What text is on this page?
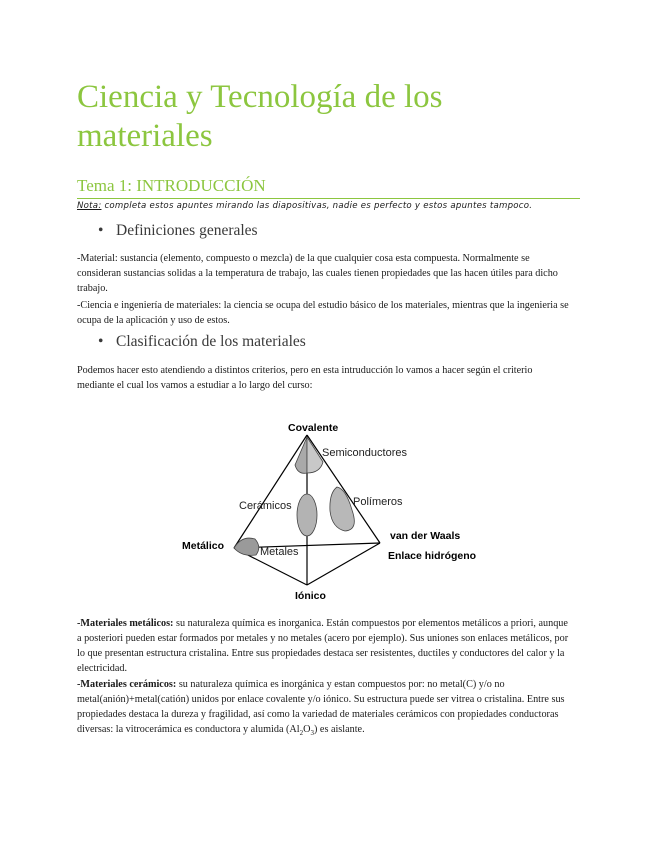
Ciencia y Tecnología de los materiales
Tema 1: INTRODUCCIÓN
Nota: completa estos apuntes mirando las diapositivas, nadie es perfecto y estos apuntes tampoco.
• Definiciones generales

-Material: sustancia (elemento, compuesto o mezcla) de la que cualquier cosa esta compuesta. Normalmente se consideran sustancias solidas a la temperatura de trabajo, las cuales tienen propiedades que las hacen útiles para dicho trabajo.

-Ciencia e ingeniería de materiales: la ciencia se ocupa del estudio básico de los materiales, mientras que la ingenieria se ocupa de la aplicación y uso de estos.

• Clasificación de los materiales

Podemos hacer esto atendiendo a distintos criterios, pero en esta intruducción lo vamos a hacer según el criterio mediante el cual los vamos a estudiar a lo largo del curso:

Covalente
Semiconductores
Cerámicos	Polímeros
Metálico	Metales
van der Waals
Enlace hidrógeno
Iónico

-Materiales metálicos: su naturaleza química es inorganica. Están compuestos por elementos metálicos a priori, aunque a posteriori pueden estar formados por metales y no metales (acero por ejemplo). Sus uniones son enlaces metálicos, por lo que presentan estructura cristalina. Entre sus propiedades destaca ser resistentes, ductiles y conductores del calor y la electricidad.

-Materiales cerámicos: su naturaleza química es inorgánica y estan compuestos por: no metal(C) y/o no metal(anión)+metal(catión) unidos por enlace covalente y/o iónico. Su estructura puede ser vitrea o cristalina. Entre sus propiedades destaca la dureza y fragilidad, así como la variedad de materiales cerámicos con propiedades conductoras diversas: la vitrocerámica es conductora y alumida $(Al_2O_3)$ es aislante.
